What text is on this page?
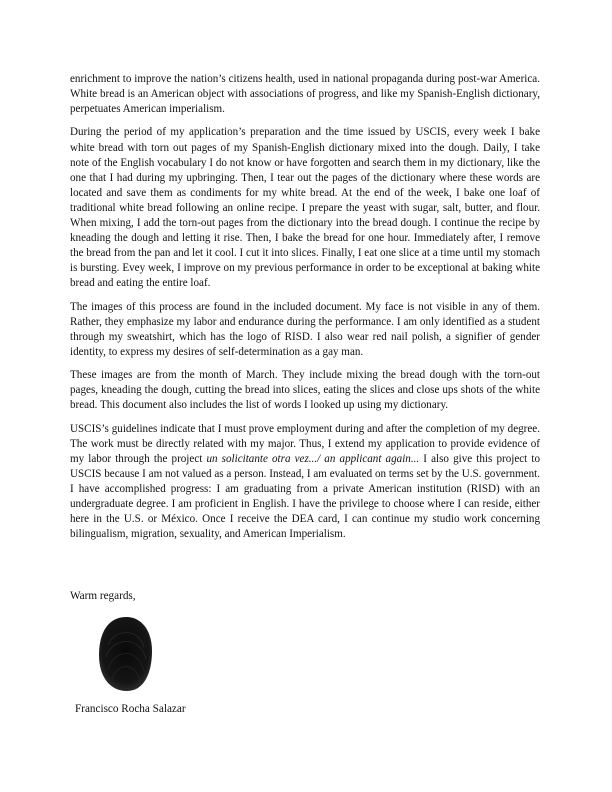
enrichment to improve the nation’s citizens health, used in national propaganda during post-war America. White bread is an American object with associations of progress, and like my Spanish-English dictionary, perpetuates American imperialism.

During the period of my application’s preparation and the time issued by USCIS, every week I bake white bread with torn out pages of my Spanish-English dictionary mixed into the dough. Daily, I take note of the English vocabulary I do not know or have forgotten and search them in my dictionary, like the one that I had during my upbringing. Then, I tear out the pages of the dictionary where these words are located and save them as condiments for my white bread. At the end of the week, I bake one loaf of traditional white bread following an online recipe. I prepare the yeast with sugar, salt, butter, and flour. When mixing, I add the torn-out pages from the dictionary into the bread dough. I continue the recipe by kneading the dough and letting it rise. Then, I bake the bread for one hour. Immediately after, I remove the bread from the pan and let it cool. I cut it into slices. Finally, I eat one slice at a time until my stomach is bursting. Evey week, I improve on my previous performance in order to be exceptional at baking white bread and eating the entire loaf.

The images of this process are found in the included document. My face is not visible in any of them. Rather, they emphasize my labor and endurance during the performance. I am only identified as a student through my sweatshirt, which has the logo of RISD. I also wear red nail polish, a signifier of gender identity, to express my desires of self-determination as a gay man.

These images are from the month of March. They include mixing the bread dough with the torn-out pages, kneading the dough, cutting the bread into slices, eating the slices and close ups shots of the white bread. This document also includes the list of words I looked up using my dictionary.

USCIS’s guidelines indicate that I must prove employment during and after the completion of my degree. The work must be directly related with my major. Thus, I extend my application to provide evidence of my labor through the project un solicitante otra vez.../ an applicant again... I also give this project to USCIS because I am not valued as a person. Instead, I am evaluated on terms set by the U.S. government. I have accomplished progress: I am graduating from a private American institution (RISD) with an undergraduate degree. I am proficient in English. I have the privilege to choose where I can reside, either here in the U.S. or México. Once I receive the DEA card, I can continue my studio work concerning bilingualism, migration, sexuality, and American Imperialism.

Warm regards,
Francisco Rocha Salazar
